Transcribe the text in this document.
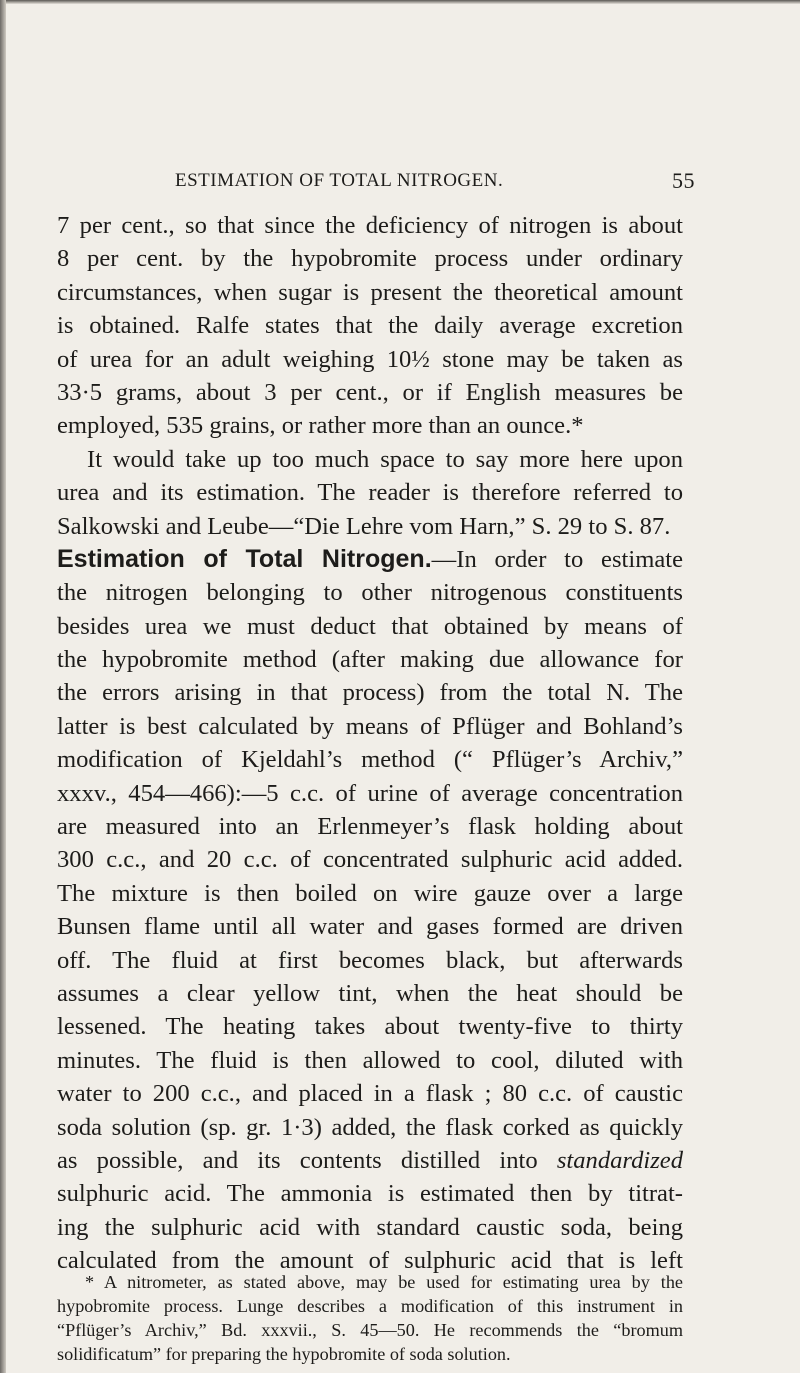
ESTIMATION OF TOTAL NITROGEN.	55
7 per cent., so that since the deficiency of nitrogen is about
8 per cent. by the hypobromite process under ordinary
circumstances, when sugar is present the theoretical amount
is obtained. Ralfe states that the daily average excretion
of urea for an adult weighing 10½ stone may be taken as
33·5 grams, about 3 per cent., or if English measures be
employed, 535 grains, or rather more than an ounce.*
It would take up too much space to say more here upon
urea and its estimation. The reader is therefore referred to
Salkowski and Leube—“Die Lehre vom Harn,” S. 29 to S. 87.
Estimation of Total Nitrogen.—In order to estimate
the nitrogen belonging to other nitrogenous constituents
besides urea we must deduct that obtained by means of
the hypobromite method (after making due allowance for
the errors arising in that process) from the total N. The
latter is best calculated by means of Pflüger and Bohland’s
modification of Kjeldahl’s method (“ Pflüger’s Archiv,”
xxxv., 454—466):—5 c.c. of urine of average concentration
are measured into an Erlenmeyer’s flask holding about
300 c.c., and 20 c.c. of concentrated sulphuric acid added.
The mixture is then boiled on wire gauze over a large
Bunsen flame until all water and gases formed are driven
off. The fluid at first becomes black, but afterwards
assumes a clear yellow tint, when the heat should be
lessened. The heating takes about twenty-five to thirty
minutes. The fluid is then allowed to cool, diluted with
water to 200 c.c., and placed in a flask ; 80 c.c. of caustic
soda solution (sp. gr. 1·3) added, the flask corked as quickly
as possible, and its contents distilled into standardized
sulphuric acid. The ammonia is estimated then by titrat-
ing the sulphuric acid with standard caustic soda, being
calculated from the amount of sulphuric acid that is left
* A nitrometer, as stated above, may be used for estimating urea by the
hypobromite process. Lunge describes a modification of this instrument in
“Pflüger’s Archiv,” Bd. xxxvii., S. 45—50. He recommends the “bromum
solidificatum” for preparing the hypobromite of soda solution.
